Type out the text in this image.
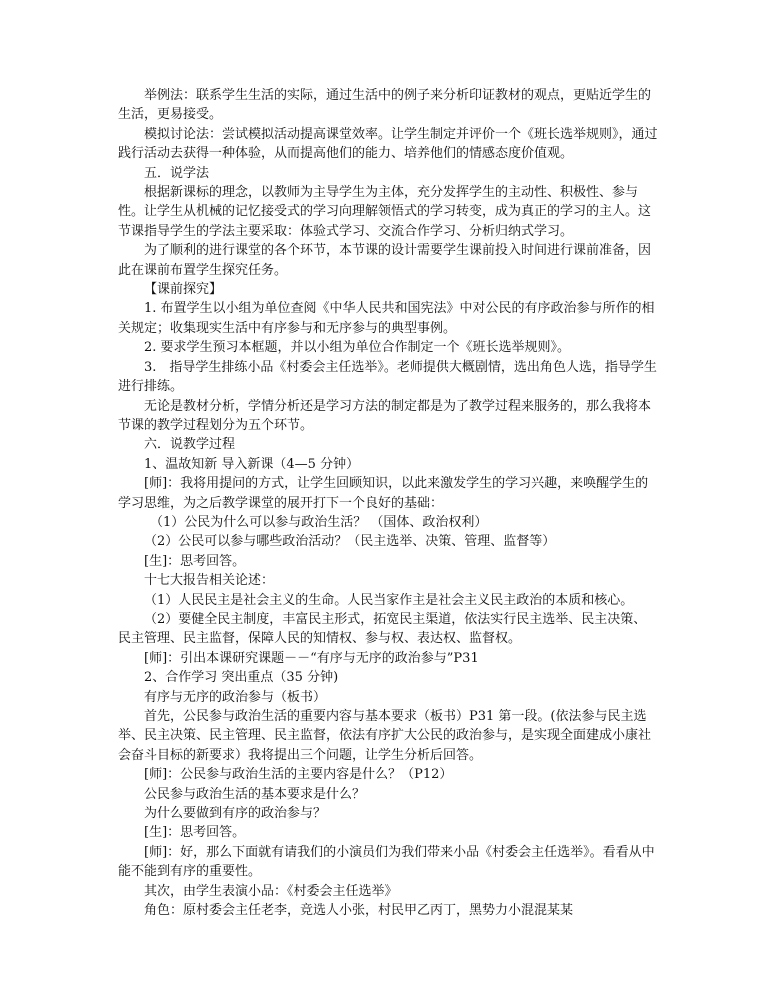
举例法：联系学生生活的实际，通过生活中的例子来分析印证教材的观点，更贴近学生的生活，更易接受。

模拟讨论法：尝试模拟活动提高课堂效率。让学生制定并评价一个《班长选举规则》，通过践行活动去获得一种体验，从而提高他们的能力、培养他们的情感态度价值观。

五．说学法

根据新课标的理念，以教师为主导学生为主体，充分发挥学生的主动性、积极性、参与性。让学生从机械的记忆接受式的学习向理解领悟式的学习转变，成为真正的学习的主人。这节课指导学生的学法主要采取：体验式学习、交流合作学习、分析归纳式学习。

为了顺利的进行课堂的各个环节，本节课的设计需要学生课前投入时间进行课前准备，因此在课前布置学生探究任务。

【课前探究】

1. 布置学生以小组为单位查阅《中华人民共和国宪法》中对公民的有序政治参与所作的相关规定；收集现实生活中有序参与和无序参与的典型事例。

2. 要求学生预习本框题，并以小组为单位合作制定一个《班长选举规则》。

3.　指导学生排练小品《村委会主任选举》。老师提供大概剧情，选出角色人选，指导学生进行排练。

无论是教材分析，学情分析还是学习方法的制定都是为了教学过程来服务的，那么我将本节课的教学过程划分为五个环节。

六．说教学过程

1、温故知新 导入新课（4—5 分钟）

[师]：我将用提问的方式，让学生回顾知识，以此来激发学生的学习兴趣，来唤醒学生的学习思维，为之后教学课堂的展开打下一个良好的基础：

（1）公民为什么可以参与政治生活？ （国体、政治权利）

（2）公民可以参与哪些政治活动？（民主选举、决策、管理、监督等）

[生]：思考回答。

十七大报告相关论述：

（1）人民民主是社会主义的生命。人民当家作主是社会主义民主政治的本质和核心。

（2）要健全民主制度，丰富民主形式，拓宽民主渠道，依法实行民主选举、民主决策、民主管理、民主监督，保障人民的知情权、参与权、表达权、监督权。

[师]：引出本课研究课题－－“有序与无序的政治参与”P31

2、合作学习 突出重点（35 分钟)

有序与无序的政治参与（板书）

首先，公民参与政治生活的重要内容与基本要求（板书）P31 第一段。(依法参与民主选举、民主决策、民主管理、民主监督，依法有序扩大公民的政治参与，是实现全面建成小康社会奋斗目标的新要求）我将提出三个问题，让学生分析后回答。

[师]：公民参与政治生活的主要内容是什么？（P12）

公民参与政治生活的基本要求是什么？

为什么要做到有序的政治参与？

[生]：思考回答。

[师]：好，那么下面就有请我们的小演员们为我们带来小品《村委会主任选举》。看看从中能不能到有序的重要性。

其次，由学生表演小品：《村委会主任选举》

角色：原村委会主任老李，竞选人小张，村民甲乙丙丁，黑势力小混混某某
